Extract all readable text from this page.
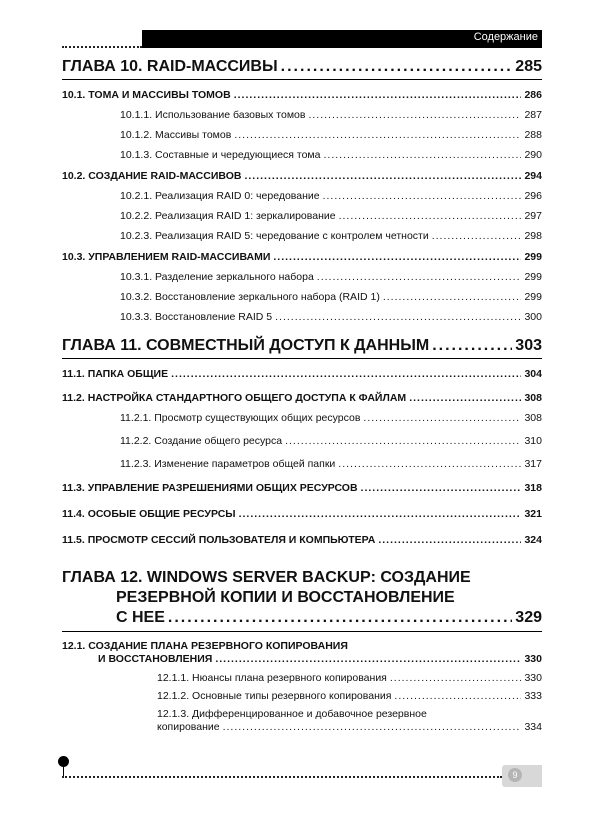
Содержание
ГЛАВА 10. RAID-МАССИВЫ .....	285
10.1. ТОМА И МАССИВЫ ТОМОВ .....	286
10.1.1. Использование базовых томов .....	287
10.1.2. Массивы томов .....	288
10.1.3. Составные и чередующиеся тома .....	290
10.2. СОЗДАНИЕ RAID-МАССИВОВ .....	294
10.2.1. Реализация RAID 0: чередование .....	296
10.2.2. Реализация RAID 1: зеркалирование .....	297
10.2.3. Реализация RAID 5: чередование с контролем четности .....	298
10.3. УПРАВЛЕНИЕМ RAID-МАССИВАМИ .....	299
10.3.1. Разделение зеркального набора .....	299
10.3.2. Восстановление зеркального набора (RAID 1) .....	299
10.3.3. Восстановление RAID 5 .....	300
ГЛАВА 11. СОВМЕСТНЫЙ ДОСТУП К ДАННЫМ .....	303
11.1. ПАПКА ОБЩИЕ .....	304
11.2. НАСТРОЙКА СТАНДАРТНОГО ОБЩЕГО ДОСТУПА К ФАЙЛАМ .....	308
11.2.1. Просмотр существующих общих ресурсов .....	308
11.2.2. Создание общего ресурса .....	310
11.2.3. Изменение параметров общей папки .....	317
11.3. УПРАВЛЕНИЕ РАЗРЕШЕНИЯМИ ОБЩИХ РЕСУРСОВ .....	318
11.4. ОСОБЫЕ ОБЩИЕ РЕСУРСЫ .....	321
11.5. ПРОСМОТР СЕССИЙ ПОЛЬЗОВАТЕЛЯ И КОМПЬЮТЕРА .....	324
ГЛАВА 12. WINDOWS SERVER BACKUP: СОЗДАНИЕ
РЕЗЕРВНОЙ КОПИИ И ВОССТАНОВЛЕНИЕ
С НЕЕ .....	329
12.1. СОЗДАНИЕ ПЛАНА РЕЗЕРВНОГО КОПИРОВАНИЯ
И ВОССТАНОВЛЕНИЯ .....	330
12.1.1. Нюансы плана резервного копирования .....	330
12.1.2. Основные типы резервного копирования .....	333
12.1.3. Дифференцированное и добавочное резервное
копирование .....	334
9
